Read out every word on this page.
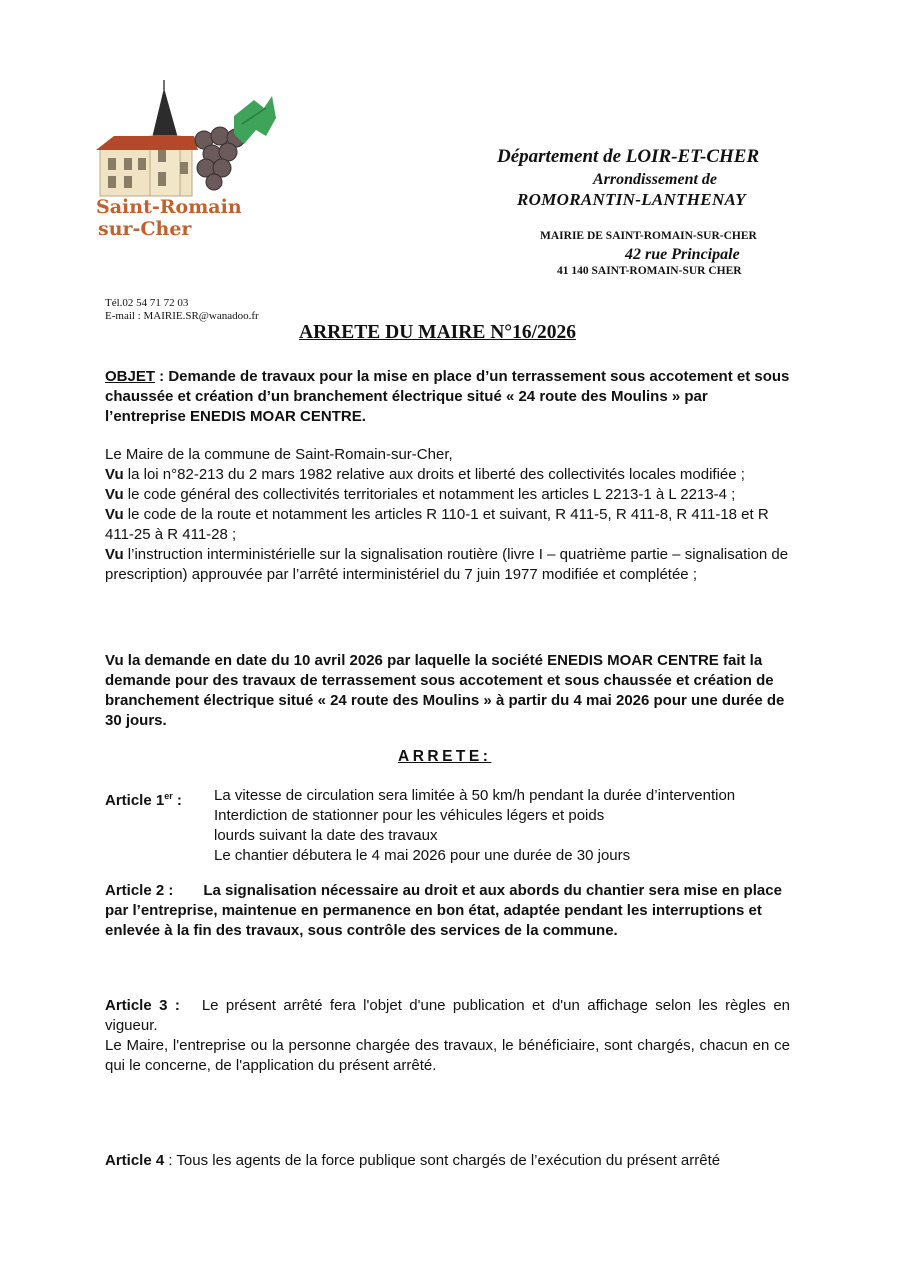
Saint-Romain
sur-Cher
Département de LOIR-ET-CHER
Arrondissement de
ROMORANTIN-LANTHENAY
MAIRIE DE SAINT-ROMAIN-SUR-CHER
42 rue Principale
41 140 SAINT-ROMAIN-SUR CHER
Tél.02 54 71 72 03
E-mail : MAIRIE.SR@wanadoo.fr
ARRETE DU MAIRE N°16/2026
OBJET : Demande de travaux pour la mise en place d’un terrassement sous accotement et sous chaussée et création d’un branchement électrique situé « 24 route des Moulins » par l’entreprise ENEDIS MOAR CENTRE.

Le Maire de la commune de Saint-Romain-sur-Cher,

Vu la loi n°82-213 du 2 mars 1982 relative aux droits et liberté des collectivités locales modifiée ;

Vu le code général des collectivités territoriales et notamment les articles L 2213-1 à L 2213-4 ;

Vu le code de la route et notamment les articles R 110-1 et suivant, R 411-5, R 411-8, R 411-18 et R 411-25 à R 411-28 ;

Vu l’instruction interministérielle sur la signalisation routière (livre I – quatrième partie – signalisation de prescription) approuvée par l’arrêté interministériel du 7 juin 1977 modifiée et complétée ;

Vu la demande en date du 10 avril 2026 par laquelle la société ENEDIS MOAR CENTRE fait la demande pour des travaux de terrassement sous accotement et sous chaussée et création de branchement électrique situé « 24 route des Moulins » à partir du 4 mai 2026 pour une durée de 30 jours.
ARRETE:
Article 1er : La vitesse de circulation sera limitée à 50 km/h pendant la durée d’intervention
Interdiction de stationner pour les véhicules légers et poids
lourds suivant la date des travaux
Le chantier débutera le 4 mai 2026 pour une durée de 30 jours
Article 2 : La signalisation nécessaire au droit et aux abords du chantier sera mise en place par l’entreprise, maintenue en permanence en bon état, adaptée pendant les interruptions et enlevée à la fin des travaux, sous contrôle des services de la commune.

Article 3 : Le présent arrêté fera l'objet d'une publication et d'un affichage selon les règles en vigueur.

Le Maire, l'entreprise ou la personne chargée des travaux, le bénéficiaire, sont chargés, chacun en ce qui le concerne, de l'application du présent arrêté.

Article 4 : Tous les agents de la force publique sont chargés de l’exécution du présent arrêté
